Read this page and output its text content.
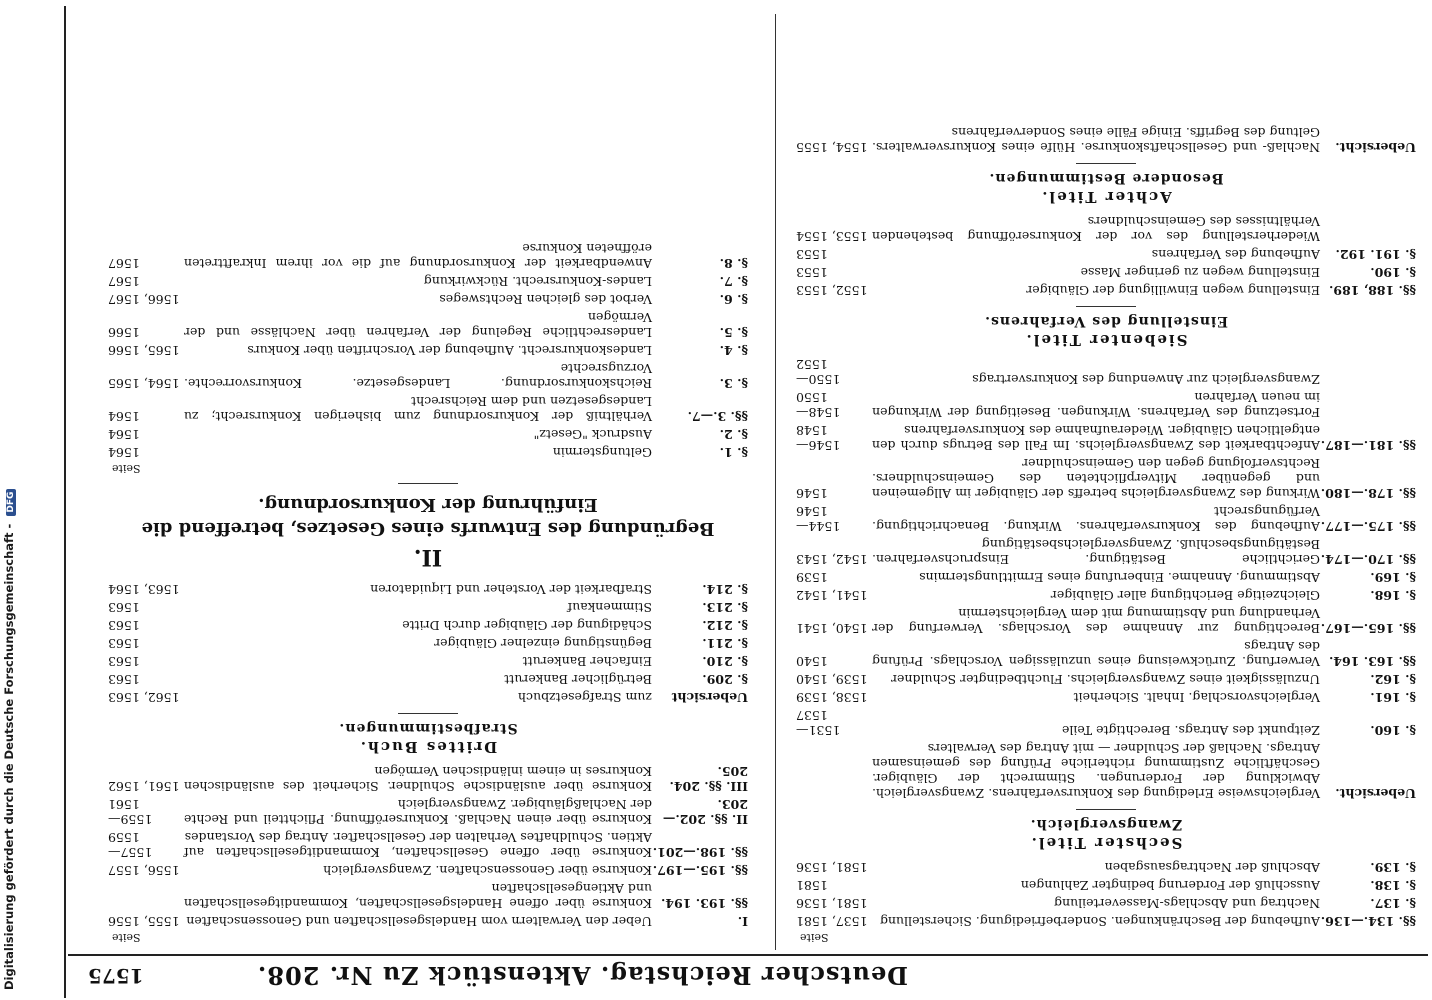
Digitalisierung gefördert durch die Deutsche Forschungsgemeinschaft - DFG
Deutscher Reichstag. Aktenstück Zu Nr. 208.
1575
Seite
§§. 134.—136.
Aufhebung der Beschränkungen. Sonderbefriedigung. Sicherstellung
1537, 1581
§. 137.
Nachtrag und Abschlags-Masseverteilung
1581, 1536
§. 138.
Ausschluß der Forderung bedingter Zahlungen
1581
§. 139.
Abschluß der Nachtragsausgaben
1581, 1536
Sechster Titel.
Zwangsvergleich.
Uebersicht.
Vergleichsweise Erledigung des Konkursverfahrens. Zwangsvergleich. Abwicklung der Forderungen. Stimmrecht der Gläubiger. Geschäftliche Zustimmung richterliche Prüfung des gemeinsamen Antrags. Nachlaß der Schuldner — mit Antrag des Verwalters
§. 160.
Zeitpunkt des Antrags. Berechtigte Teile
1531—1537
§. 161.
Vergleichsvorschlag. Inhalt. Sicherheit
1538, 1539
§. 162.
Unzulässigkeit eines Zwangsvergleichs. Fluchtbedingter Schuldner
1539, 1540
§§. 163. 164.
Verwerfung. Zurückweisung eines unzulässigen Vorschlags. Prüfung des Antrags
1540
§§. 165.—167.
Berechtigung zur Annahme des Vorschlags. Verwerfung der Verhandlung und Abstimmung mit dem Vergleichstermin
1540, 1541
§. 168.
Gleichzeitige Berichtigung aller Gläubiger
1541, 1542
§. 169.
Abstimmung. Annahme. Einberufung eines Ermittlungstermins
1539
§§. 170.—174.
Gerichtliche Bestätigung. Einspruchsverfahren. Bestätigungsbeschluß. Zwangsvergleichsbestätigung
1542, 1543
§§. 175.—177.
Aufhebung des Konkursverfahrens. Wirkung. Benachrichtigung. Verfügungsrecht
1544—1546
§§. 178.—180.
Wirkung des Zwangsvergleichs betreffs der Gläubiger im Allgemeinen und gegenüber Mitverpflichteten des Gemeinschuldners. Rechtsverfolgung gegen den Gemeinschuldner
1546
§§. 181.—187.
Anfechtbarkeit des Zwangsvergleichs. Im Fall des Betrugs durch den entgeltlichen Gläubiger. Wiederaufnahme des Konkursverfahrens
1546—1548
Fortsetzung des Verfahrens. Wirkungen. Beseitigung der Wirkungen im neuen Verfahren
1548—1550
Zwangsvergleich zur Anwendung des Konkursvertrags
1550—1552
Siebenter Titel.
Einstellung des Verfahrens.
§§. 188, 189.
Einstellung wegen Einwilligung der Gläubiger
1552, 1553
§. 190.
Einstellung wegen zu geringer Masse
1553
§. 191. 192.
Aufhebung des Verfahrens
1553
Wiederherstellung des vor der Konkurseröffnung bestehenden Verhältnisses des Gemeinschuldners
1553, 1554
Achter Titel.
Besondere Bestimmungen.
Uebersicht.
Nachlaß- und Gesellschaftskonkurse. Hülfe eines Konkursverwalters. Geltung des Begriffs. Einige Fälle eines Sonderverfahrens
1554, 1555
Seite
I.
Ueber den Verwaltern vom Handelsgesellschaften und Genossenschaften
1555, 1556
§§. 193. 194.
Konkurse über offene Handelsgesellschaften, Kommanditgesellschaften und Aktiengesellschaften
§§. 195.—197.
Konkurse über Genossenschaften. Zwangsvergleich
1556, 1557
§§. 198.—201.
Konkurse über offene Gesellschaften, Kommanditgesellschaften auf Aktien. Schuldhaftes Verhalten der Gesellschafter. Antrag des Vorstandes
1557—1559
II. §§. 202.—203.
Konkurse über einen Nachlaß. Konkurseröffnung. Pflichtteil und Rechte der Nachlaßgläubiger. Zwangsvergleich
1559—1561
III. §§. 204. 205.
Konkurse über ausländische Schuldner. Sicherheit des ausländischen Konkurses in einem inländischen Vermögen
1561, 1562
Drittes Buch.
Strafbestimmungen.
Uebersicht
zum Strafgesetzbuch
1562, 1563
§. 209.
Betrüglicher Bankerutt
1563
§. 210.
Einfacher Bankerutt
1563
§. 211.
Begünstigung einzelner Gläubiger
1563
§. 212.
Schädigung der Gläubiger durch Dritte
1563
§. 213.
Stimmenkauf
1563
§. 214.
Strafbarkeit der Vorsteher und Liquidatoren
1563, 1564
II.
Begründung des Entwurfs eines Gesetzes, betreffend die Einführung der Konkursordnung.
Seite
§. 1.
Geltungstermin
1564
§. 2.
Ausdruck "Gesetz"
1564
§§. 3.—7.
Verhältniß der Konkursordnung zum bisherigen Konkursrecht; zu Landesgesetzen und dem Reichsrecht
1564
§. 3.
Reichskonkursordnung. Landesgesetze. Konkursvorrechte. Vorzugsrechte
1564, 1565
§. 4.
Landeskonkursrecht. Aufhebung der Vorschriften über Konkurs
1565, 1566
§. 5.
Landesrechtliche Regelung der Verfahren über Nachlässe und der Vermögen
1566
§. 6.
Verbot des gleichen Rechtsweges
1566, 1567
§. 7.
Landes-Konkursrecht. Rückwirkung
1567
§. 8.
Anwendbarkeit der Konkursordnung auf die vor ihrem Inkrafttreten eröffneten Konkurse
1567
